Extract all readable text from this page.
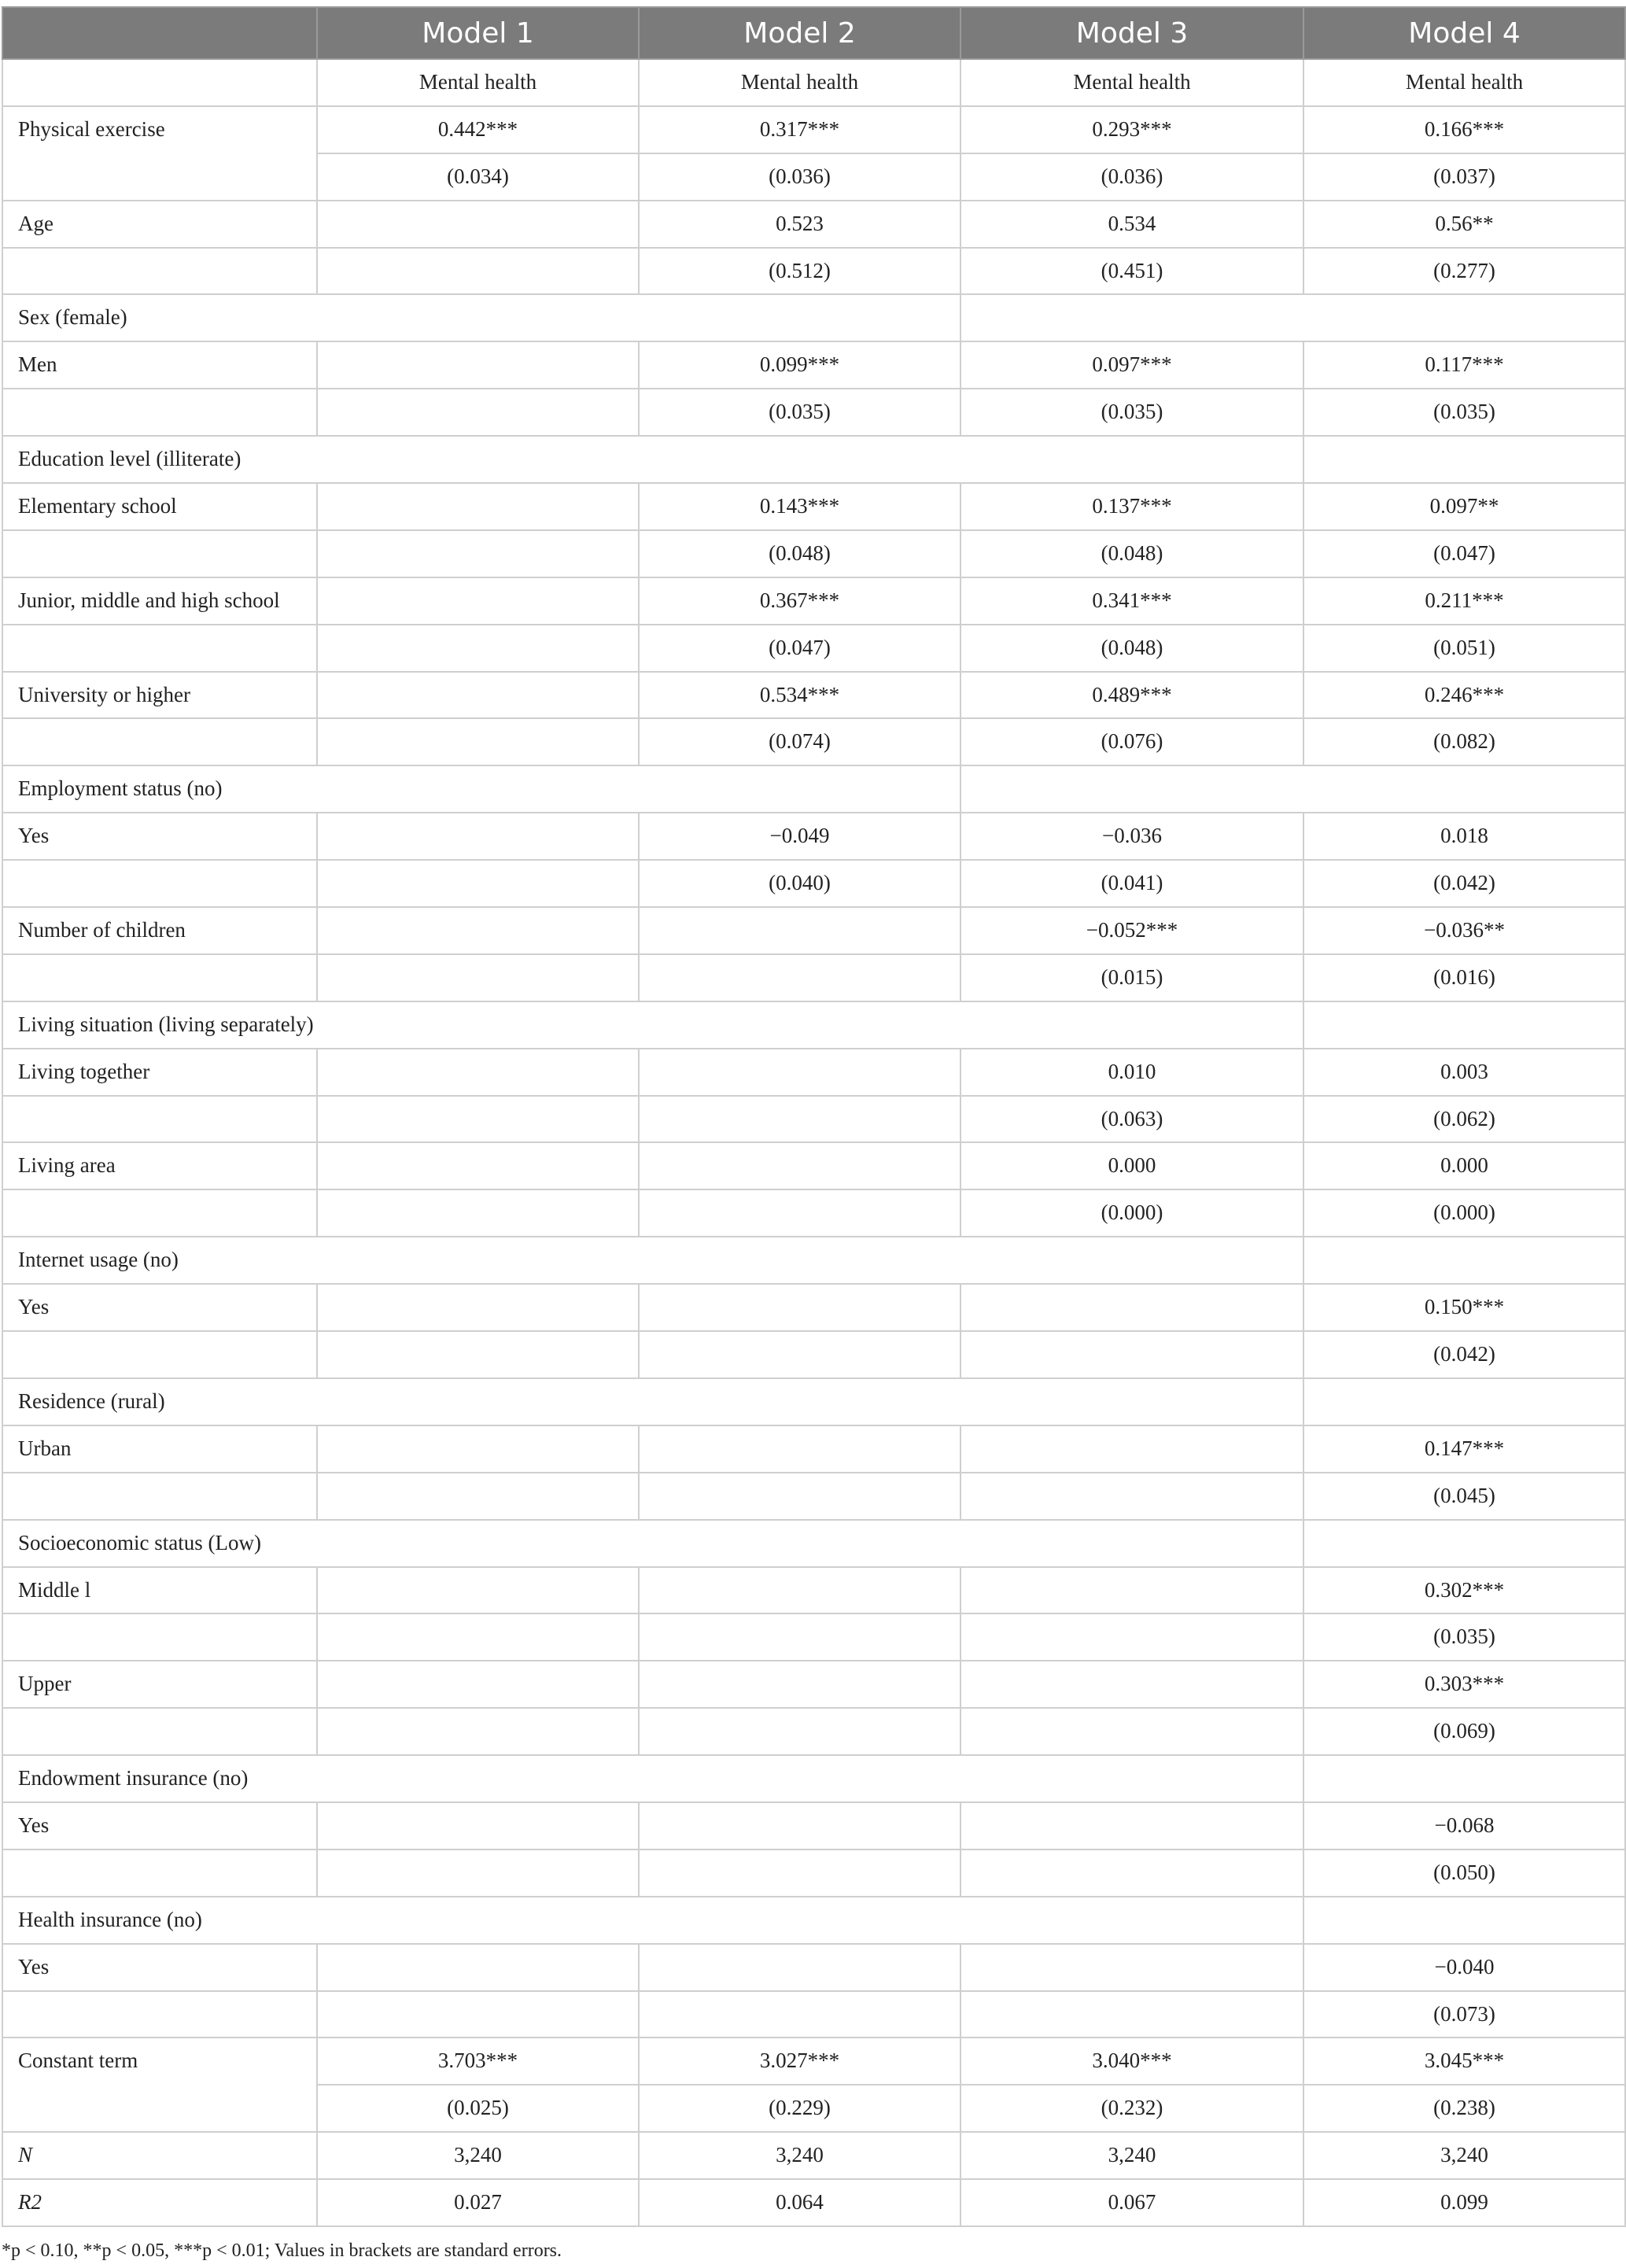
	Model 1	Model 2	Model 3	Model 4
	Mental health	Mental health	Mental health	Mental health
Physical exercise	0.442***	0.317***	0.293***	0.166***
	(0.034)	(0.036)	(0.036)	(0.037)
Age		0.523	0.534	0.56**
		(0.512)	(0.451)	(0.277)
Sex (female)				
Men		0.099***	0.097***	0.117***
		(0.035)	(0.035)	(0.035)
Education level (illiterate)				
Elementary school		0.143***	0.137***	0.097**
		(0.048)	(0.048)	(0.047)
Junior, middle and high school		0.367***	0.341***	0.211***
		(0.047)	(0.048)	(0.051)
University or higher		0.534***	0.489***	0.246***
		(0.074)	(0.076)	(0.082)
Employment status (no)				
Yes		−0.049	−0.036	0.018
		(0.040)	(0.041)	(0.042)
Number of children			−0.052***	−0.036**
			(0.015)	(0.016)
Living situation (living separately)				
Living together			0.010	0.003
			(0.063)	(0.062)
Living area			0.000	0.000
			(0.000)	(0.000)
Internet usage (no)				
Yes				0.150***
				(0.042)
Residence (rural)				
Urban				0.147***
				(0.045)
Socioeconomic status (Low)				
Middle l				0.302***
				(0.035)
Upper				0.303***
				(0.069)
Endowment insurance (no)				
Yes				−0.068
				(0.050)
Health insurance (no)				
Yes				−0.040
				(0.073)
Constant term	3.703***	3.027***	3.040***	3.045***
	(0.025)	(0.229)	(0.232)	(0.238)
N	3,240	3,240	3,240	3,240
R2	0.027	0.064	0.067	0.099
*p < 0.10, **p < 0.05, ***p < 0.01; Values in brackets are standard errors.
